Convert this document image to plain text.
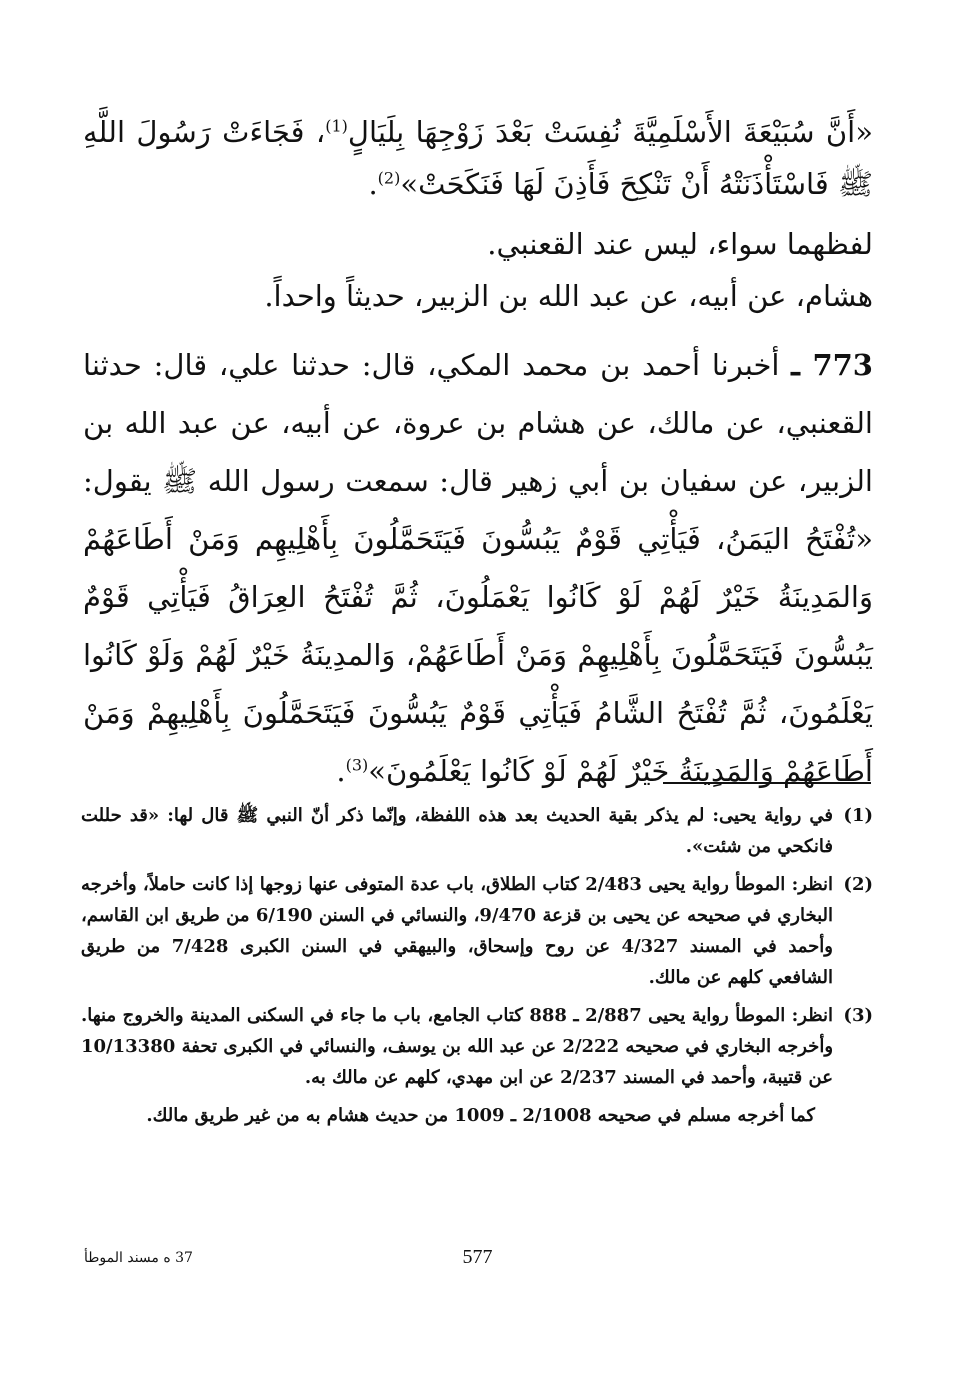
«أَنَّ سُبَيْعَةَ الأَسْلَمِيَّةَ نُفِسَتْ بَعْدَ زَوْجِهَا بِلَيَالٍ$^{(1)}$، فَجَاءَتْ رَسُولَ اللَّهِ ﷺ فَاسْتَأْذَنَتْهُ أَنْ تَنْكِحَ فَأَذِنَ لَهَا فَنَكَحَتْ»$^{(2)}$.

لفظهما سواء، ليس عند القعنبي.

هشام، عن أبيه، عن عبد الله بن الزبير، حديثاً واحداً.

773 ـ أخبرنا أحمد بن محمد المكي، قال: حدثنا علي، قال: حدثنا القعنبي، عن مالك، عن هشام بن عروة، عن أبيه، عن عبد الله بن الزبير، عن سفيان بن أبي زهير قال: سمعت رسول الله ﷺ يقول: «تُفْتَحُ اليَمَنُ، فَيَأْتِي قَوْمٌ يَبُسُّونَ فَيَتَحَمَّلُونَ بِأَهْلِيهِم وَمَنْ أَطَاعَهُمْ وَالمَدِينَةُ خَيْرٌ لَهُمْ لَوْ كَانُوا يَعْمَلُونَ، ثُمَّ تُفْتَحُ العِرَاقُ فَيَأْتِي قَوْمٌ يَبُسُّونَ فَيَتَحَمَّلُونَ بِأَهْلِيهِمْ وَمَنْ أَطَاعَهُمْ، وَالمدِينَةُ خَيْرٌ لَهُمْ وَلَوْ كَانُوا يَعْلَمُونَ، ثُمَّ تُفْتَحُ الشَّامُ فَيَأْتِي قَوْمٌ يَبُسُّونَ فَيَتَحَمَّلُونَ بِأَهْلِيهِمْ وَمَنْ أَطَاعَهُمْ وَالمَدِينَةُ خَيْرٌ لَهُمْ لَوْ كَانُوا يَعْلَمُونَ»$^{(3)}$.

(1)
في رواية يحيى: لم يذكر بقية الحديث بعد هذه اللفظة، وإنّما ذكر أنّ النبي ﷺ قال لها: «قد حللت فانكحي من شئت».
(2)
انظر: الموطأ رواية يحيى 2/483 كتاب الطلاق، باب عدة المتوفى عنها زوجها إذا كانت حاملاً، وأخرجه البخاري في صحيحه عن يحيى بن قزعة 9/470، والنسائي في السنن 6/190 من طريق ابن القاسم، وأحمد في المسند 4/327 عن روح وإسحاق، والبيهقي في السنن الكبرى 7/428 من طريق الشافعي كلهم عن مالك.
(3)
انظر: الموطأ رواية يحيى 2/887 ـ 888 كتاب الجامع، باب ما جاء في السكنى المدينة والخروج منها. وأخرجه البخاري في صحيحه 2/222 عن عبد الله بن يوسف، والنسائي في الكبرى تحفة 10/13380 عن قتيبة، وأحمد في المسند 2/237 عن ابن مهدي، كلهم عن مالك به.

كما أخرجه مسلم في صحيحه 2/1008 ـ 1009 من حديث هشام به من غير طريق مالك.

577
37 ه مسند الموطأ
